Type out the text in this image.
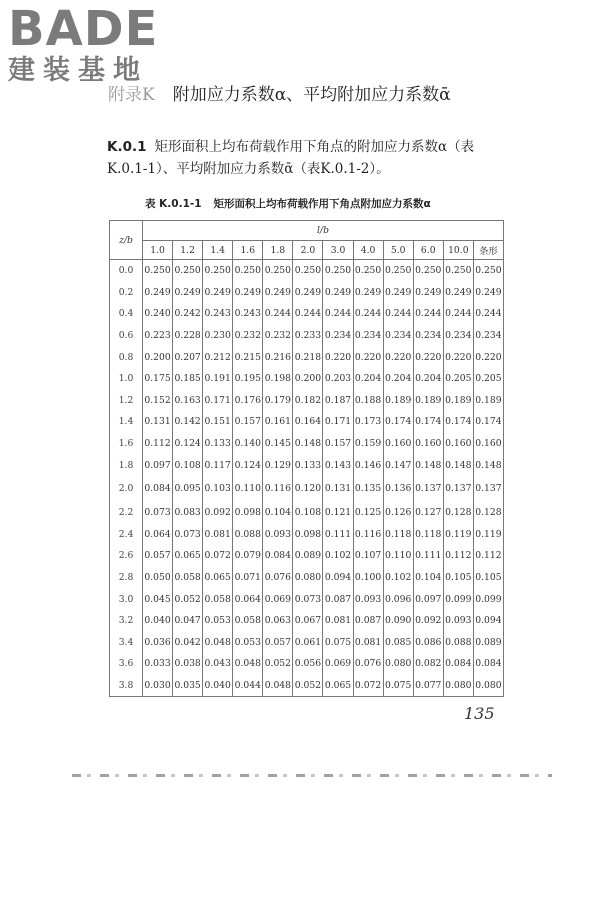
BADE
建装基地
附录K 附加应力系数α、平均附加应力系数ᾱ
K.0.1 矩形面积上均布荷载作用下角点的附加应力系数α（表K.0.1-1）、平均附加应力系数ᾱ（表K.0.1-2）。
表 K.0.1-1 矩形面积上均布荷载作用下角点附加应力系数α
z/b	l/b											
	1.0	1.2	1.4	1.6	1.8	2.0	3.0	4.0	5.0	6.0	10.0	条形
0.0	0.250	0.250	0.250	0.250	0.250	0.250	0.250	0.250	0.250	0.250	0.250	0.250
0.2	0.249	0.249	0.249	0.249	0.249	0.249	0.249	0.249	0.249	0.249	0.249	0.249
0.4	0.240	0.242	0.243	0.243	0.244	0.244	0.244	0.244	0.244	0.244	0.244	0.244
0.6	0.223	0.228	0.230	0.232	0.232	0.233	0.234	0.234	0.234	0.234	0.234	0.234
0.8	0.200	0.207	0.212	0.215	0.216	0.218	0.220	0.220	0.220	0.220	0.220	0.220
1.0	0.175	0.185	0.191	0.195	0.198	0.200	0.203	0.204	0.204	0.204	0.205	0.205
1.2	0.152	0.163	0.171	0.176	0.179	0.182	0.187	0.188	0.189	0.189	0.189	0.189
1.4	0.131	0.142	0.151	0.157	0.161	0.164	0.171	0.173	0.174	0.174	0.174	0.174
1.6	0.112	0.124	0.133	0.140	0.145	0.148	0.157	0.159	0.160	0.160	0.160	0.160
1.8	0.097	0.108	0.117	0.124	0.129	0.133	0.143	0.146	0.147	0.148	0.148	0.148
2.0	0.084	0.095	0.103	0.110	0.116	0.120	0.131	0.135	0.136	0.137	0.137	0.137
2.2	0.073	0.083	0.092	0.098	0.104	0.108	0.121	0.125	0.126	0.127	0.128	0.128
2.4	0.064	0.073	0.081	0.088	0.093	0.098	0.111	0.116	0.118	0.118	0.119	0.119
2.6	0.057	0.065	0.072	0.079	0.084	0.089	0.102	0.107	0.110	0.111	0.112	0.112
2.8	0.050	0.058	0.065	0.071	0.076	0.080	0.094	0.100	0.102	0.104	0.105	0.105
3.0	0.045	0.052	0.058	0.064	0.069	0.073	0.087	0.093	0.096	0.097	0.099	0.099
3.2	0.040	0.047	0.053	0.058	0.063	0.067	0.081	0.087	0.090	0.092	0.093	0.094
3.4	0.036	0.042	0.048	0.053	0.057	0.061	0.075	0.081	0.085	0.086	0.088	0.089
3.6	0.033	0.038	0.043	0.048	0.052	0.056	0.069	0.076	0.080	0.082	0.084	0.084
3.8	0.030	0.035	0.040	0.044	0.048	0.052	0.065	0.072	0.075	0.077	0.080	0.080
135
